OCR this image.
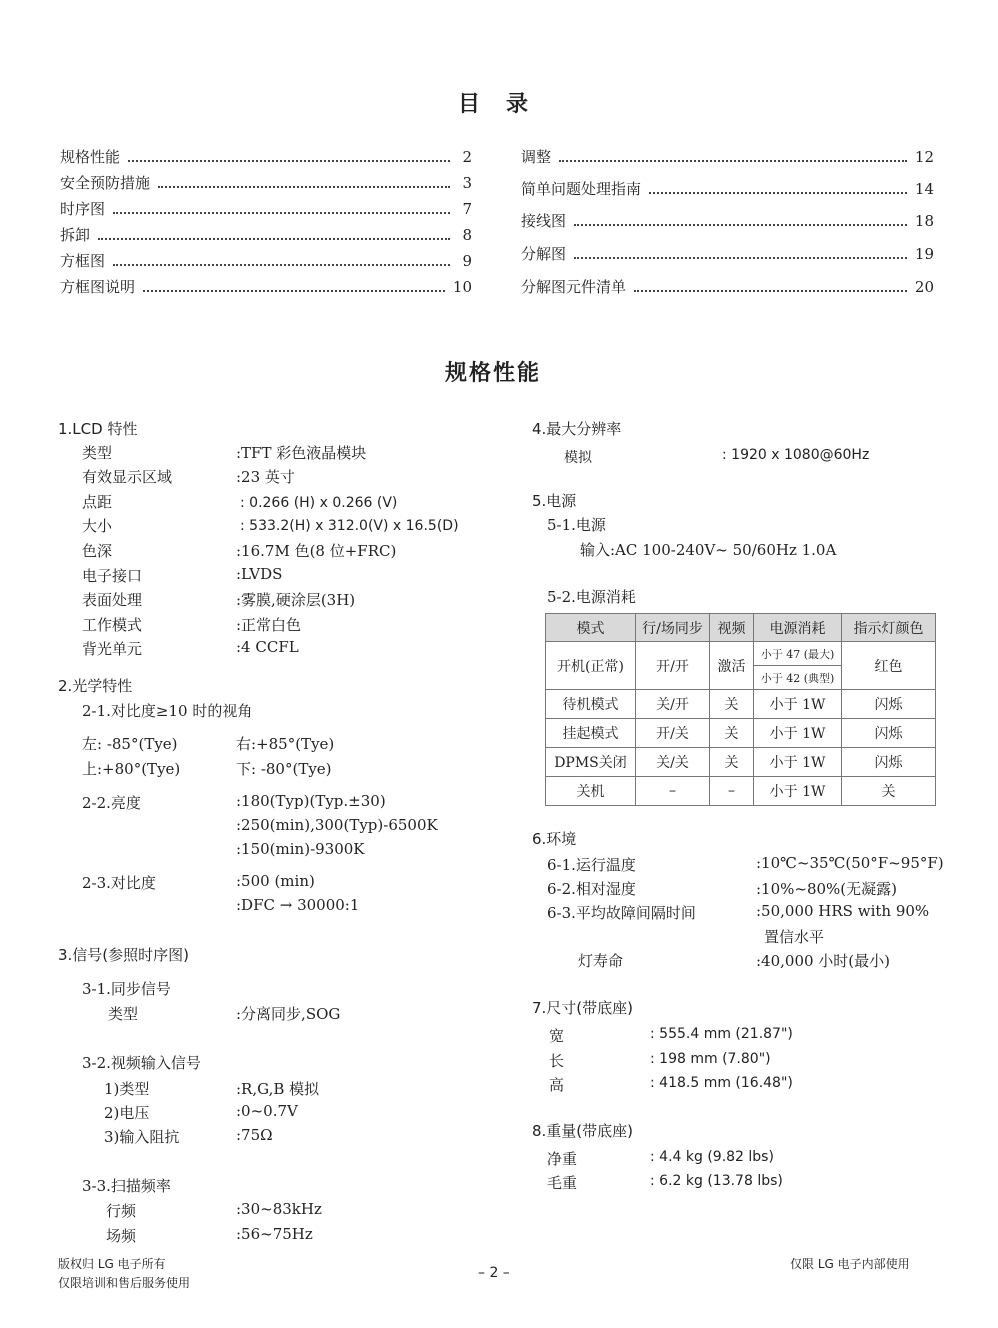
目　录
规格性能	2
安全预防措施	3
时序图	7
拆卸	8
方框图	9
方框图说明	10
调整	12
简单问题处理指南	14
接线图	18
分解图	19
分解图元件清单	20
规格性能
1.LCD 特性
类型	:TFT 彩色液晶模块
有效显示区域	:23 英寸
点距	: 0.266 (H) x 0.266 (V)
大小	: 533.2(H) x 312.0(V) x 16.5(D)
色深	:16.7M 色(8 位+FRC)
电子接口	:LVDS
表面处理	:雾膜,硬涂层(3H)
工作模式	:正常白色
背光单元	:4 CCFL
2.光学特性
2-1.对比度≥10 时的视角
左: -85°(Tye)	右:+85°(Tye)
上:+80°(Tye)	下: -80°(Tye)
2-2.亮度	:180(Typ)(Typ.±30)
:250(min),300(Typ)-6500K
:150(min)-9300K
2-3.对比度	:500 (min)
:DFC → 30000:1
3.信号(参照时序图)
3-1.同步信号
类型	:分离同步,SOG
3-2.视频输入信号
1)类型	:R,G,B 模拟
2)电压	:0~0.7V
3)输入阻抗	:75Ω
3-3.扫描频率
行频	:30~83kHz
场频	:56~75Hz
4.最大分辨率
模拟	: 1920 x 1080@60Hz
5.电源
5-1.电源
输入:AC 100-240V~ 50/60Hz 1.0A
5-2.电源消耗
模式	行/场同步	视频	电源消耗	指示灯颜色
开机(正常)	开/开	激活	小于 47 (最大)	红色
			小于 42 (典型)	
待机模式	关/开	关	小于 1W	闪烁
挂起模式	开/关	关	小于 1W	闪烁
DPMS关闭	关/关	关	小于 1W	闪烁
关机	–	–	小于 1W	关
6.环境
6-1.运行温度	:10℃~35℃(50°F~95°F)
6-2.相对湿度	:10%~80%(无凝露)
6-3.平均故障间隔时间	:50,000 HRS with 90%
置信水平
灯寿命	:40,000 小时(最小)
7.尺寸(带底座)
宽	: 555.4 mm (21.87")
长	: 198 mm (7.80")
高	: 418.5 mm (16.48")
8.重量(带底座)
净重	: 4.4 kg (9.82 lbs)
毛重	: 6.2 kg (13.78 lbs)
版权归 LG 电子所有
仅限培训和售后服务使用
– 2 –
仅限 LG 电子内部使用
